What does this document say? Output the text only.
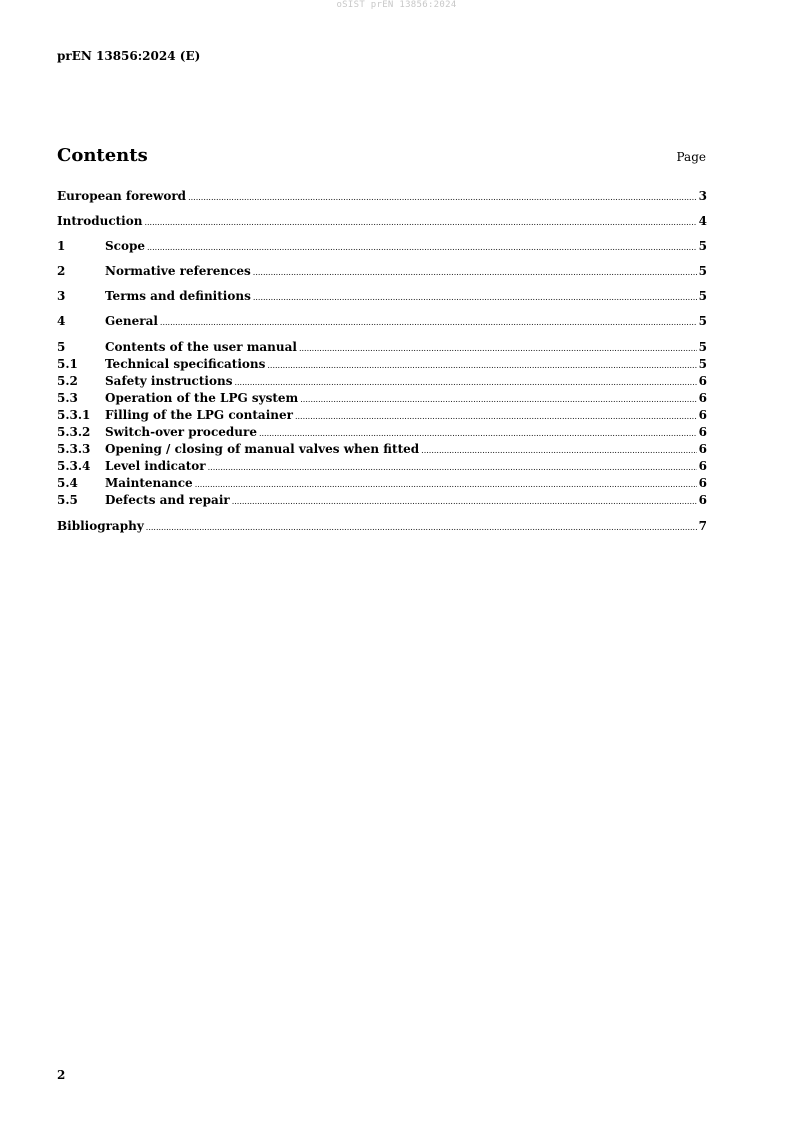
oSIST prEN 13856:2024
prEN 13856:2024 (E)
Contents	Page
European foreword .....	3
Introduction .....	4
1	Scope .....	5
2	Normative references .....	5
3	Terms and definitions .....	5
4	General .....	5
5	Contents of the user manual .....	5
5.1	Technical specifications .....	5
5.2	Safety instructions .....	6
5.3	Operation of the LPG system .....	6
5.3.1	Filling of the LPG container .....	6
5.3.2	Switch-over procedure .....	6
5.3.3	Opening / closing of manual valves when fitted .....	6
5.3.4	Level indicator .....	6
5.4	Maintenance .....	6
5.5	Defects and repair .....	6
Bibliography .....	7
2
